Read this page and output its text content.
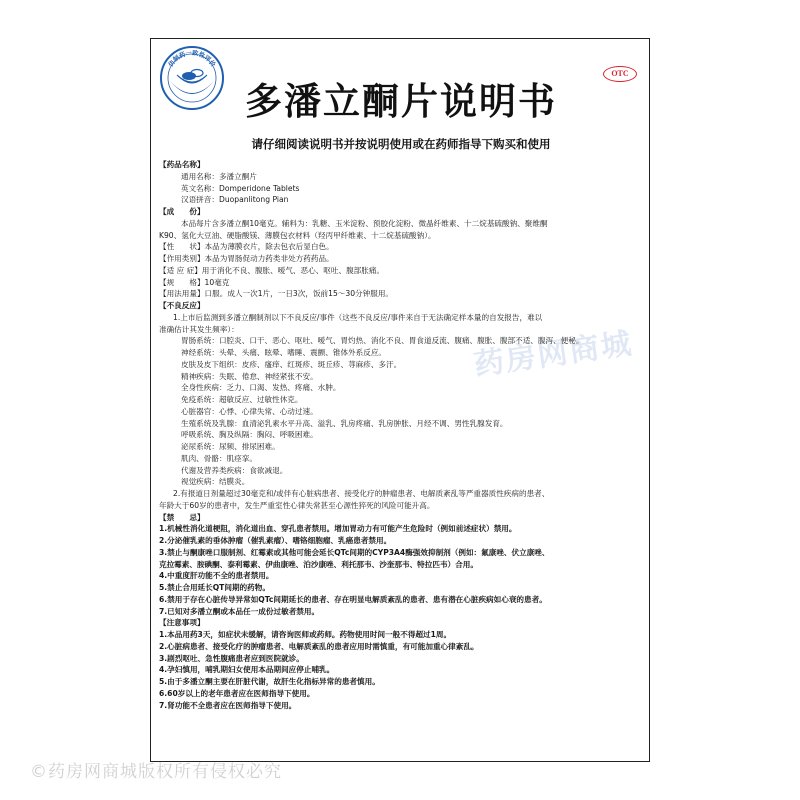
仿制药一致性评价
OTC
多潘立酮片说明书
请仔细阅读说明书并按说明使用或在药师指导下购买和使用
药房网商城
【药品名称】
通用名称：多潘立酮片
英文名称：Domperidone Tablets
汉语拼音：Duopanlitong Pian
【成　　份】
本品每片含多潘立酮10毫克。辅料为：乳糖、玉米淀粉、预胶化淀粉、微晶纤维素、十二烷基硫酸钠、聚维酮
K90、氢化大豆油、硬脂酸镁、薄膜包衣材料（羟丙甲纤维素、十二烷基硫酸钠）。
【性　　状】本品为薄膜衣片，除去包衣后显白色。
【作用类别】本品为胃肠促动力药类非处方药药品。
【适 应 症】用于消化不良、腹胀、嗳气、恶心、呕吐、腹部胀痛。
【规　　格】10毫克
【用法用量】口服。成人一次1片，一日3次，饭前15～30分钟服用。
【不良反应】
1.上市后监测到多潘立酮制剂以下不良反应/事件（这些不良反应/事件来自于无法确定样本量的自发报告，难以
准确估计其发生频率）：
胃肠系统：口腔炎、口干、恶心、呕吐、嗳气、胃灼热、消化不良、胃食道反流、腹痛、腹胀、腹部不适、腹泻、便秘。
神经系统：头晕、头痛、眩晕、嗜睡、震颤、锥体外系反应。
皮肤及皮下组织：皮疹、瘙痒、红斑疹、斑丘疹、荨麻疹、多汗。
精神疾病：失眠、倦怠、神经紧张不安。
全身性疾病：乏力、口渴、发热、疼痛、水肿。
免疫系统：超敏反应、过敏性休克。
心脏器官：心悸、心律失常、心动过速。
生殖系统及乳腺：血清泌乳素水平升高、溢乳、乳房疼痛、乳房肿胀、月经不调、男性乳腺发育。
呼吸系统、胸及纵隔：胸闷、呼吸困难。
泌尿系统：尿频、排尿困难。
肌肉、骨骼：肌痉挛。
代谢及营养类疾病：食欲减退。
视觉疾病：结膜炎。
2.有报道日剂量超过30毫克和/或伴有心脏病患者、接受化疗的肿瘤患者、电解质紊乱等严重器质性疾病的患者、
年龄大于60岁的患者中，发生严重室性心律失常甚至心源性猝死的风险可能升高。
【禁　　忌】
1.机械性消化道梗阻，消化道出血、穿孔患者禁用。增加胃动力有可能产生危险时（例如前述症状）禁用。
2.分泌催乳素的垂体肿瘤（催乳素瘤）、嗜铬细胞瘤、乳癌患者禁用。
3.禁止与酮康唑口服制剂、红霉素或其他可能会延长QTc间期的CYP3A4酶强效抑制剂（例如：氟康唑、伏立康唑、
克拉霉素、胺碘酮、泰利霉素、伊曲康唑、泊沙康唑、利托那韦、沙奎那韦、特拉匹韦）合用。
4.中重度肝功能不全的患者禁用。
5.禁止合用延长QT间期的药物。
6.禁用于存在心脏传导异常如QTc间期延长的患者、存在明显电解质紊乱的患者、患有潜在心脏疾病如心衰的患者。
7.已知对多潘立酮或本品任一成份过敏者禁用。
【注意事项】
1.本品用药3天，如症状未缓解，请咨询医师或药师。药物使用时间一般不得超过1周。
2.心脏病患者、接受化疗的肿瘤患者、电解质紊乱的患者应用时需慎重，有可能加重心律紊乱。
3.剧烈呕吐、急性腹痛患者应到医院就诊。
4.孕妇慎用，哺乳期妇女使用本品期间应停止哺乳。
5.由于多潘立酮主要在肝脏代谢，故肝生化指标异常的患者慎用。
6.60岁以上的老年患者应在医师指导下使用。
7.肾功能不全患者应在医师指导下使用。
©药房网商城版权所有侵权必究
